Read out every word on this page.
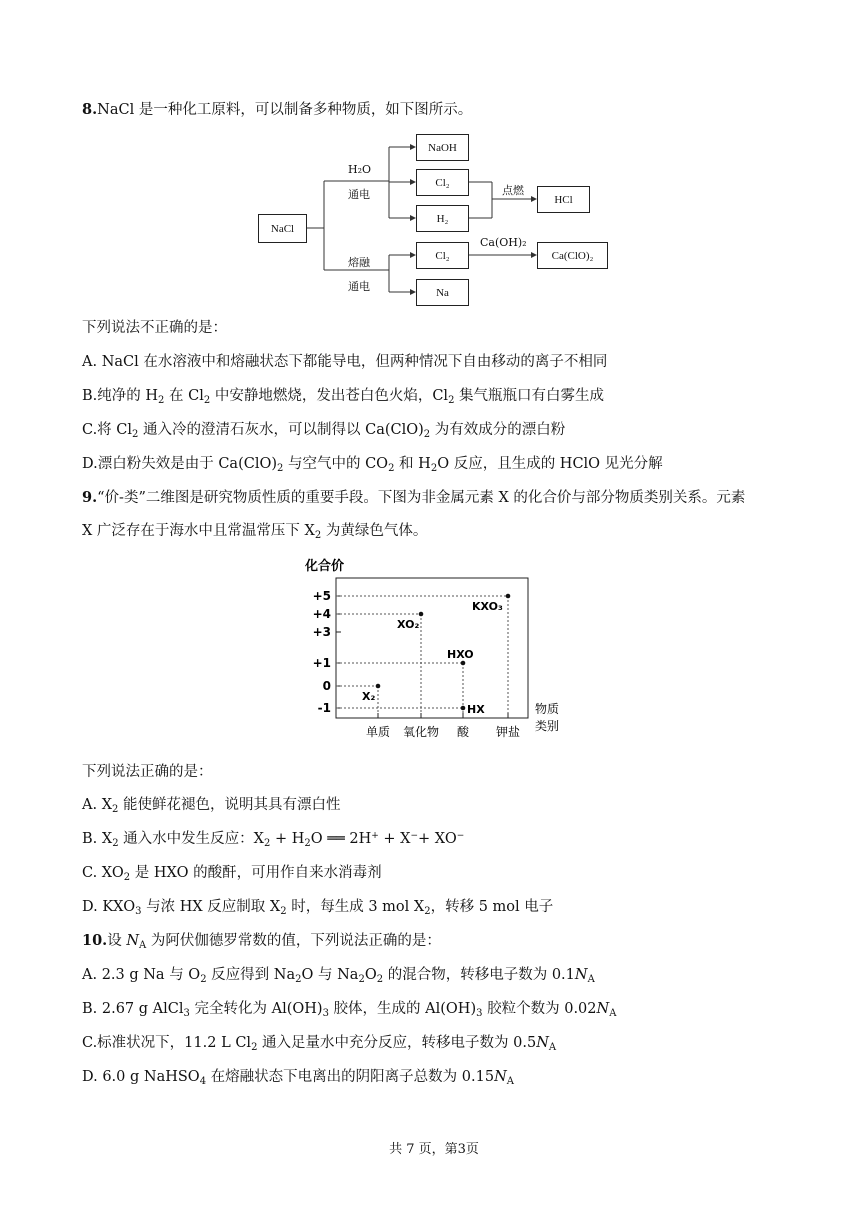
8.NaCl 是一种化工原料，可以制备多种物质，如下图所示。
NaCl
NaOH
Cl₂
H₂
HCl
Cl₂	Ca(ClO)₂
Na
H₂O
通电
熔融
通电
点燃
Ca(OH)₂
下列说法不正确的是：
A. NaCl 在水溶液中和熔融状态下都能导电，但两种情况下自由移动的离子不相同
B.纯净的 $H_2$ 在 $Cl_2$ 中安静地燃烧，发出苍白色火焰，$Cl_2$ 集气瓶瓶口有白雾生成
C.将 $Cl_2$ 通入冷的澄清石灰水，可以制得以 $Ca(ClO)_2$ 为有效成分的漂白粉
D.漂白粉失效是由于 $Ca(ClO)_2$ 与空气中的 $CO_2$ 和 $H_2O$ 反应，且生成的 HClO 见光分解
9.“价-类”二维图是研究物质性质的重要手段。下图为非金属元素 X 的化合价与部分物质类别关系。元素
X 广泛存在于海水中且常温常压下 $X_2$ 为黄绿色气体。
化合价
+5
+4
+3
+1
0
-1
X₂
XO₂
HXO
HX
KXO₃
单质 氧化物 酸 钾盐
物质
类别
下列说法正确的是：
A. $X_2$ 能使鲜花褪色，说明其具有漂白性
B. $X_2$ 通入水中发生反应：$X_2 + H_2O$ ══ 2H+ + X−+ XO−
C. $XO_2$ 是 HXO 的酸酐，可用作自来水消毒剂
D. $KXO_3$ 与浓 HX 反应制取 $X_2$ 时，每生成 3 mol $X_2$，转移 5 mol 电子
10.设 $N_A$ 为阿伏伽德罗常数的值，下列说法正确的是：
A. 2.3 g Na 与 $O_2$ 反应得到 $Na_2O$ 与 $Na_2O_2$ 的混合物，转移电子数为 $0.1N_A$
B. 2.67 g AlCl$_3$ 完全转化为 $Al(OH)_3$ 胶体，生成的 $Al(OH)_3$ 胶粒个数为 $0.02N_A$
C.标准状况下，11.2 L $Cl_2$ 通入足量水中充分反应，转移电子数为 $0.5N_A$
D. 6.0 g NaHSO$_4$ 在熔融状态下电离出的阴阳离子总数为 $0.15N_A$
共 7 页，第3页
